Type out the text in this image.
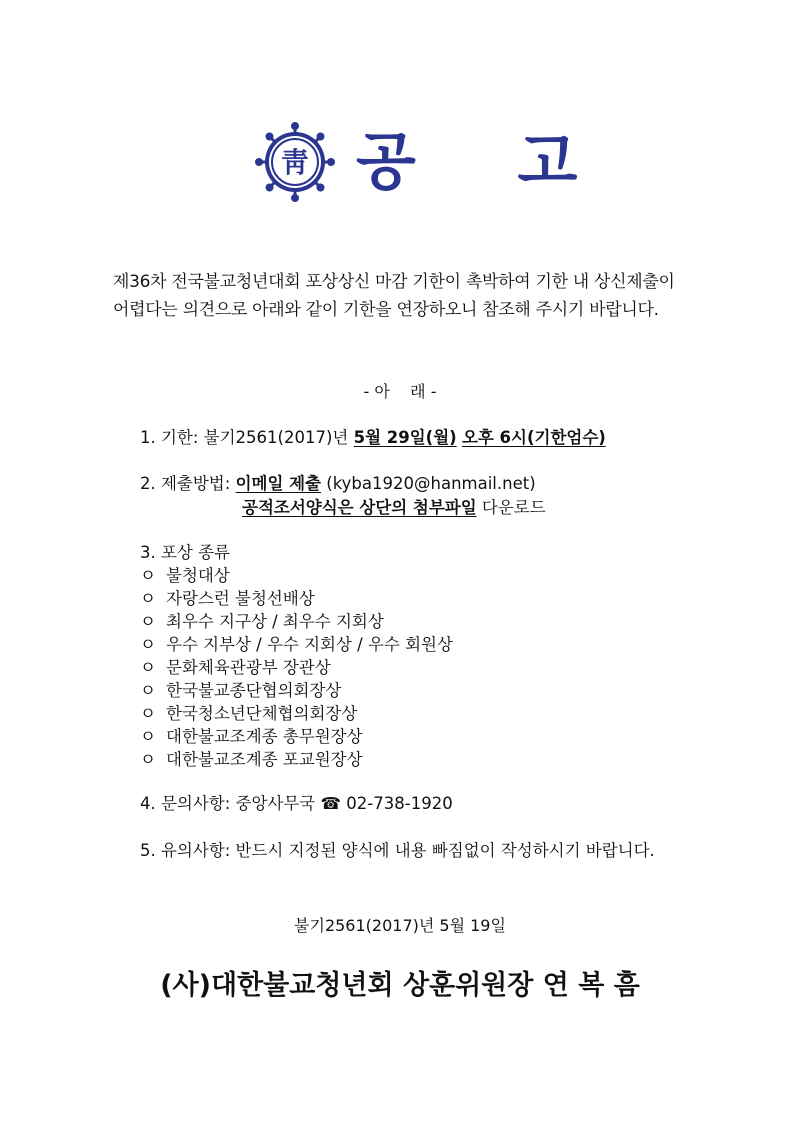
靑 공 고
제36차 전국불교청년대회 포상상신 마감 기한이 촉박하여 기한 내 상신제출이
어렵다는 의견으로 아래와 같이 기한을 연장하오니 참조해 주시기 바랍니다.
- 아    래 -
1. 기한: 불기2561(2017)년 5월 29일(월) 오후 6시(기한엄수)
2. 제출방법: 이메일 제출 (kyba1920@hanmail.net)
공적조서양식은 상단의 첨부파일 다운로드
3. 포상 종류
ㅇ 불청대상
ㅇ 자랑스런 불청선배상
ㅇ 최우수 지구상 / 최우수 지회상
ㅇ 우수 지부상 / 우수 지회상 / 우수 회원상
ㅇ 문화체육관광부 장관상
ㅇ 한국불교종단협의회장상
ㅇ 한국청소년단체협의회장상
ㅇ 대한불교조계종 총무원장상
ㅇ 대한불교조계종 포교원장상
4. 문의사항: 중앙사무국 ☎ 02-738-1920
5. 유의사항: 반드시 지정된 양식에 내용 빠짐없이 작성하시기 바랍니다.
불기2561(2017)년 5월 19일
(사)대한불교청년회 상훈위원장 연 복 흠
